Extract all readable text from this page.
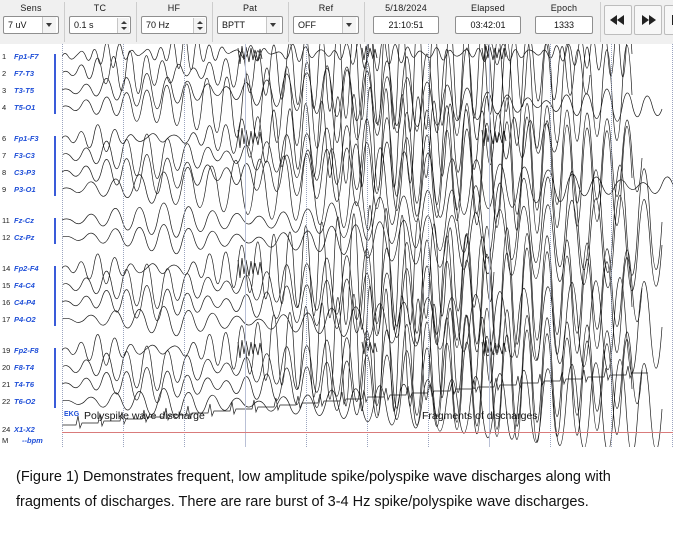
Sens
7 uV
TC
0.1 s
HF
70 Hz
Pat
BPTT
Ref
OFF
5/18/2024
21:10:51
Elapsed
03:42:01
Epoch
1333
1 Fp1-F7
2 F7-T3
3 T3-T5
4 T5-O1
6 Fp1-F3
7 F3-C3
8 C3-P3
9 P3-O1
11 Fz-Cz
12 Cz-Pz
14 Fp2-F4
15 F4-C4
16 C4-P4
17 P4-O2
19 Fp2-F8
20 F8-T4
21 T4-T6
22 T6-O2
24 X1-X2
--bpm
M
EKG Polyspike wave discharge	Fragments of discharges

(Figure 1) Demonstrates frequent, low amplitude spike/polyspike wave discharges along with fragments of discharges. There are rare burst of 3-4 Hz spike/polyspike wave discharges.
